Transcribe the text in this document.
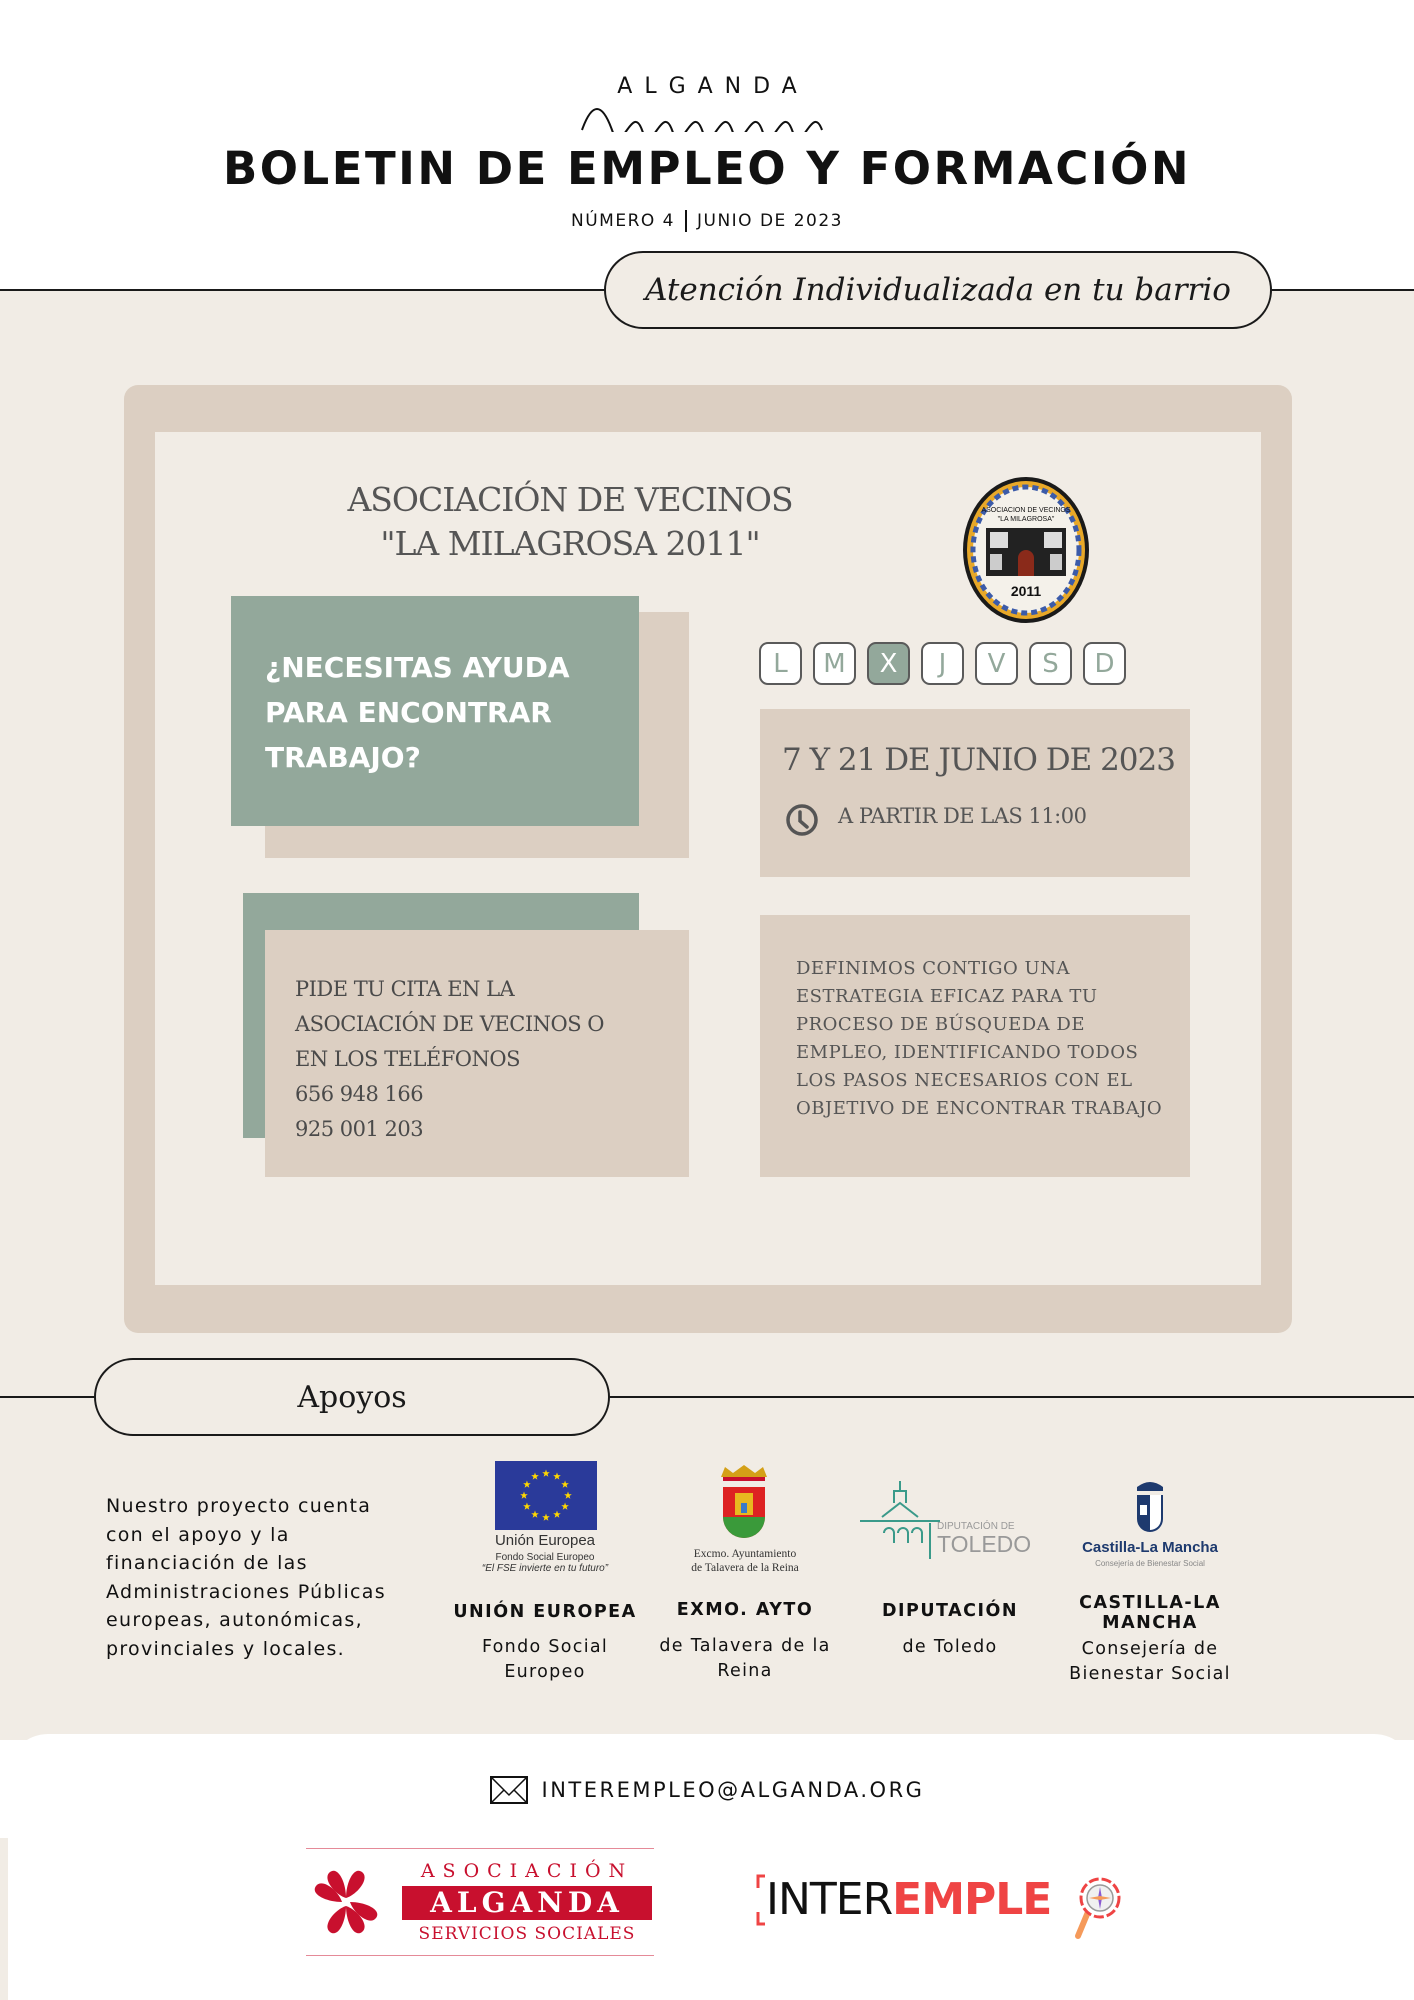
ALGANDA
BOLETIN DE EMPLEO Y FORMACIÓN
NÚMERO 4 JUNIO DE 2023
Atención Individualizada en tu barrio
ASOCIACIÓN DE VECINOS
"LA MILAGROSA 2011"
ASOCIACION DE VECINOS
"LA MILAGROSA"
2011
¿NECESITAS AYUDA PARA ENCONTRAR TRABAJO?
L	M	X	J	V	S	D
7 Y 21 DE JUNIO DE 2023
A PARTIR DE LAS 11:00
PIDE TU CITA EN LA
ASOCIACIÓN DE VECINOS O
EN LOS TELÉFONOS
656 948 166
925 001 203
DEFINIMOS CONTIGO UNA ESTRATEGIA EFICAZ PARA TU PROCESO DE BÚSQUEDA DE EMPLEO, IDENTIFICANDO TODOS LOS PASOS NECESARIOS CON EL OBJETIVO DE ENCONTRAR TRABAJO
Apoyos
Nuestro proyecto cuenta con el apoyo y la financiación de las Administraciones Públicas europeas, autonómicas, provinciales y locales.
Unión Europea
Fondo Social Europeo
“El FSE invierte en tu futuro”
UNIÓN EUROPEA
Fondo Social Europeo
Excmo. Ayuntamiento
de Talavera de la Reina
EXMO. AYTO
de Talavera de la Reina
DIPUTACIÓN DE
TOLEDO
DIPUTACIÓN
de Toledo
Castilla-La Mancha
Consejería de Bienestar Social
CASTILLA-LA MANCHA
Consejería de Bienestar Social
INTEREMPLEO@ALGANDA.ORG
ASOCIACIÓN
ALGANDA
SERVICIOS SOCIALES
INTEREMPLE
